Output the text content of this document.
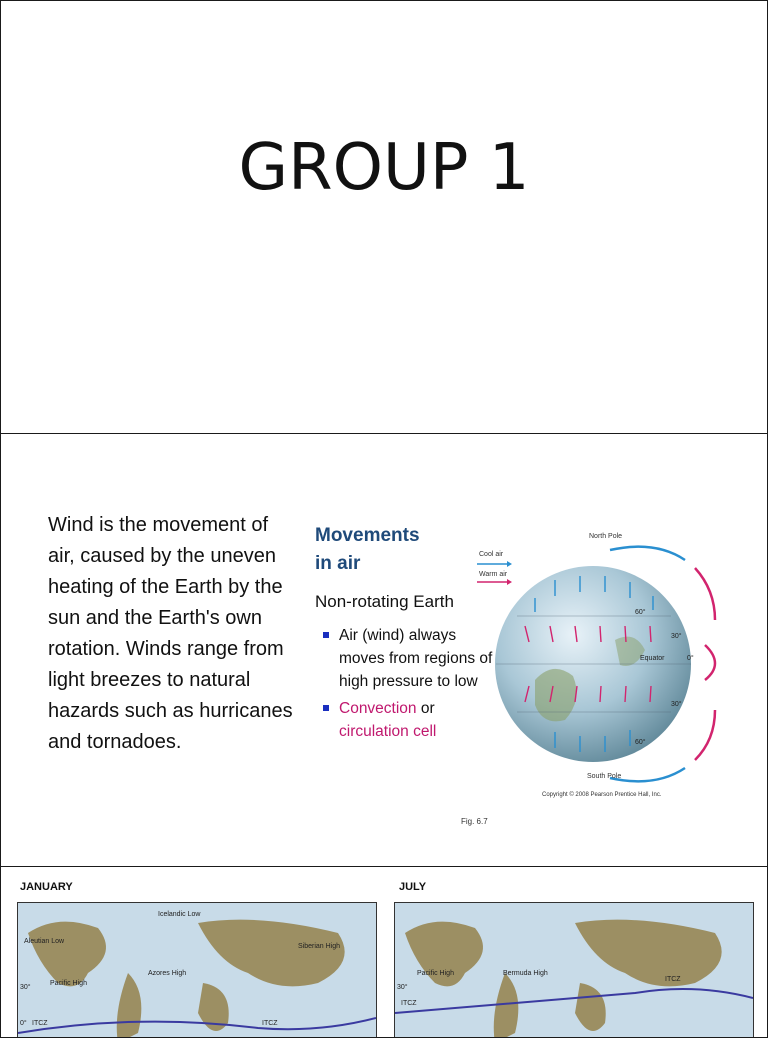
GROUP 1
Wind is the movement of air, caused by the uneven heating of the Earth by the sun and the Earth's own rotation. Winds range from light breezes to natural hazards such as hurricanes and tornadoes.
Movements
in air
Non-rotating Earth
Air (wind) always moves from regions of high pressure to low
Convection or circulation cell
Cool air
Warm air
60°
30°
Equator	0°
30°
60°
North Pole
South Pole
Copyright © 2008 Pearson Prentice Hall, Inc.
Fig. 6.7
JANUARY	JULY
Icelandic Low
Aleutian Low
Siberian High
Azores High
Pacific High
ITCZ	ITCZ
30°
0°
Pacific High	Bermuda High
ITCZ
ITCZ
30°
